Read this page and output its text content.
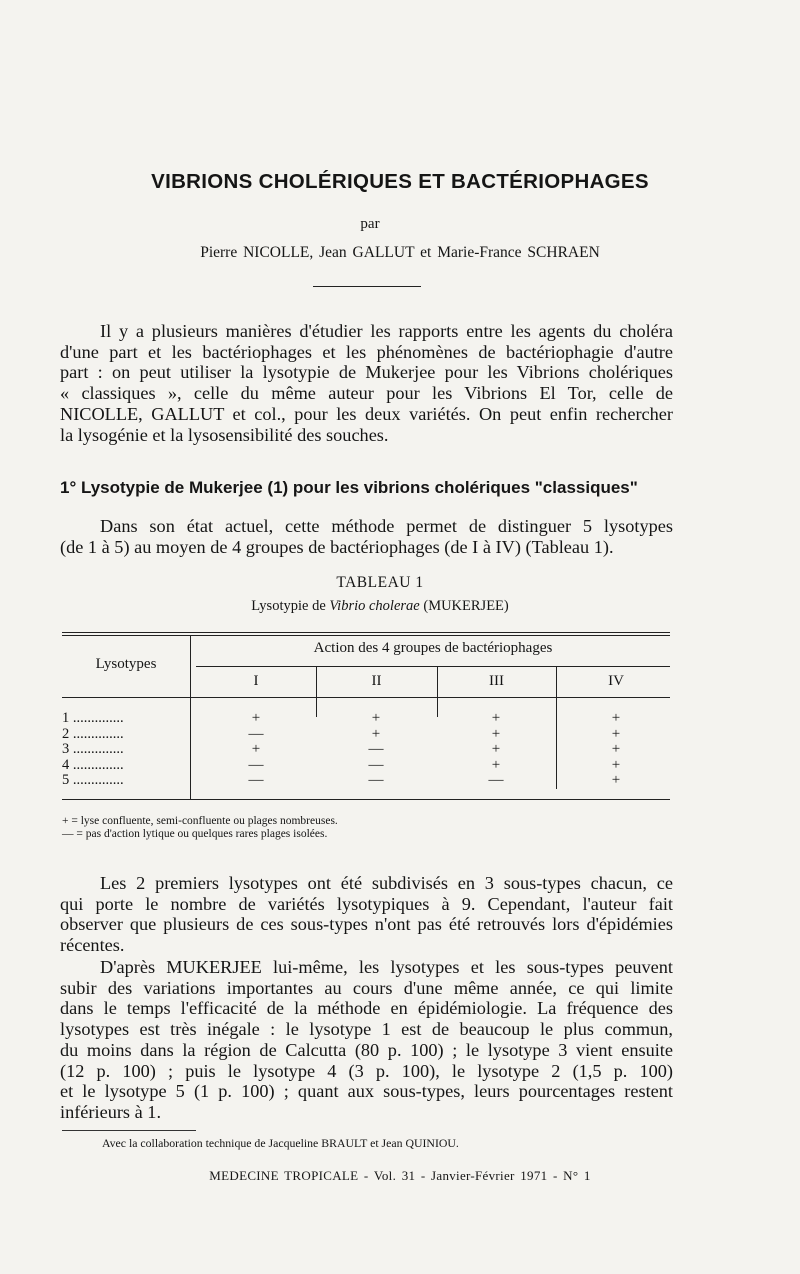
VIBRIONS CHOLÉRIQUES ET BACTÉRIOPHAGES
par
Pierre NICOLLE, Jean GALLUT et Marie-France SCHRAEN
Il y a plusieurs manières d'étudier les rapports entre les agents du choléra
d'une part et les bactériophages et les phénomènes de bactériophagie d'autre
part : on peut utiliser la lysotypie de Mukerjee pour les Vibrions cholériques
« classiques », celle du même auteur pour les Vibrions El Tor, celle de
NICOLLE, GALLUT et col., pour les deux variétés. On peut enfin rechercher
la lysogénie et la lysosensibilité des souches.
1° Lysotypie de Mukerjee (1) pour les vibrions cholériques "classiques"
Dans son état actuel, cette méthode permet de distinguer 5 lysotypes
(de 1 à 5) au moyen de 4 groupes de bactériophages (de I à IV) (Tableau 1).
TABLEAU 1
Lysotypie de Vibrio cholerae (MUKERJEE)
Lysotypes
Action des 4 groupes de bactériophages
I	II	III	IV
1 ..............	+	+	+	+
2 ..............	—	+	+	+
3 ..............	+	—	+	+
4 ..............	—	—	+	+
5 ..............	—	—	—	+
+ = lyse confluente, semi-confluente ou plages nombreuses.
— = pas d'action lytique ou quelques rares plages isolées.
Les 2 premiers lysotypes ont été subdivisés en 3 sous-types chacun, ce
qui porte le nombre de variétés lysotypiques à 9. Cependant, l'auteur fait
observer que plusieurs de ces sous-types n'ont pas été retrouvés lors d'épidémies
récentes.
D'après MUKERJEE lui-même, les lysotypes et les sous-types peuvent
subir des variations importantes au cours d'une même année, ce qui limite
dans le temps l'efficacité de la méthode en épidémiologie. La fréquence des
lysotypes est très inégale : le lysotype 1 est de beaucoup le plus commun,
du moins dans la région de Calcutta (80 p. 100) ; le lysotype 3 vient ensuite
(12 p. 100) ; puis le lysotype 4 (3 p. 100), le lysotype 2 (1,5 p. 100)
et le lysotype 5 (1 p. 100) ; quant aux sous-types, leurs pourcentages restent
inférieurs à 1.
Avec la collaboration technique de Jacqueline BRAULT et Jean QUINIOU.
MEDECINE TROPICALE - Vol. 31 - Janvier-Février 1971 - N° 1
